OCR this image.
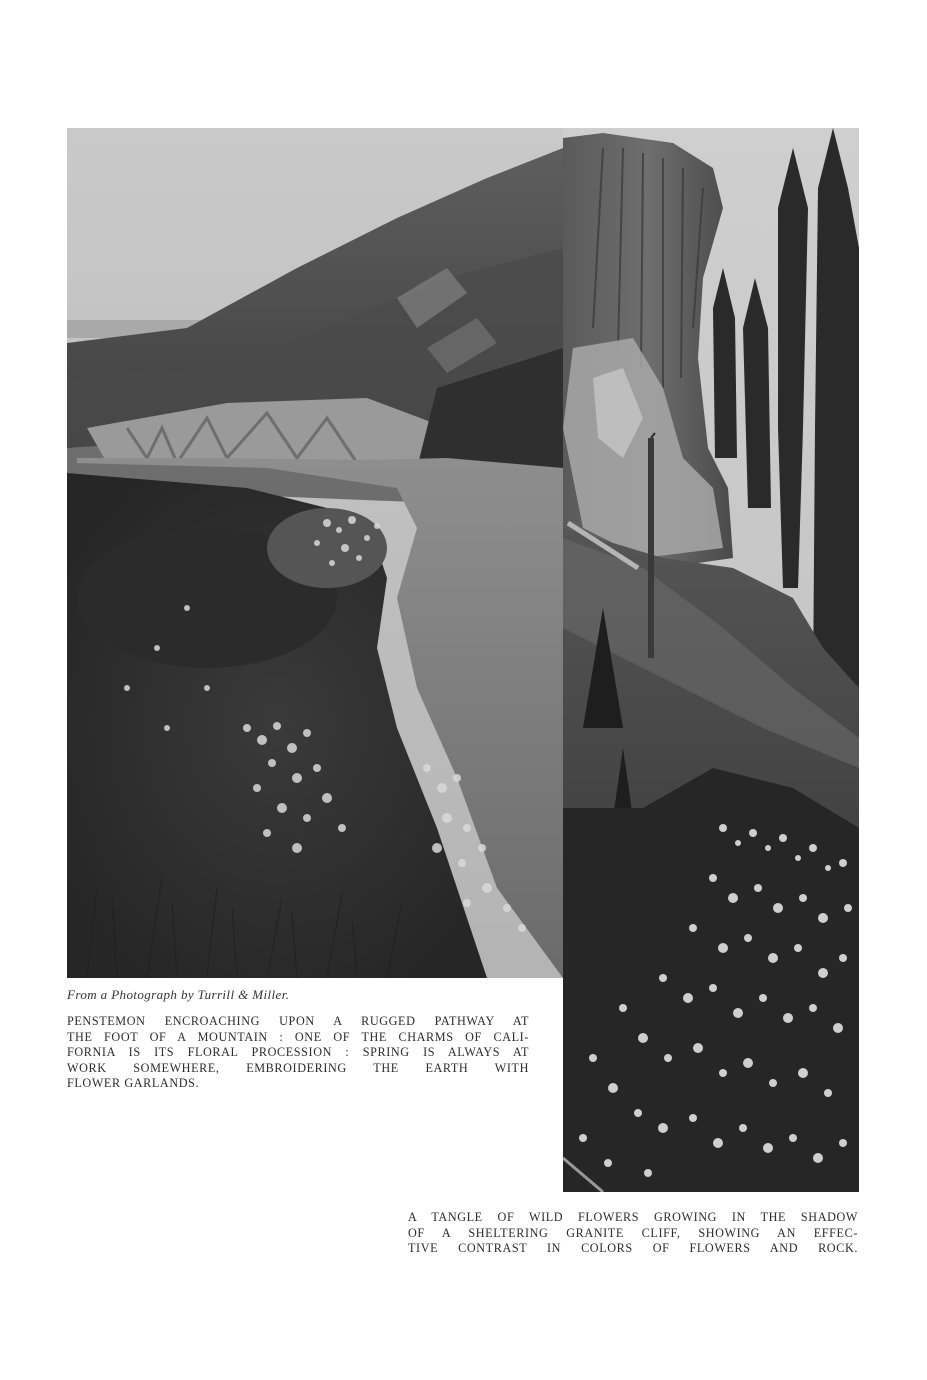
From a Photograph by Turrill & Miller.

PENSTEMON ENCROACHING UPON A RUGGED PATHWAY AT
THE FOOT OF A MOUNTAIN : ONE OF THE CHARMS OF CALI-
FORNIA IS ITS FLORAL PROCESSION : SPRING IS ALWAYS AT
WORK SOMEWHERE, EMBROIDERING THE EARTH WITH
FLOWER GARLANDS.

A TANGLE OF WILD FLOWERS GROWING IN THE SHADOW
OF A SHELTERING GRANITE CLIFF, SHOWING AN EFFEC-
TIVE CONTRAST IN COLORS OF FLOWERS AND ROCK.
